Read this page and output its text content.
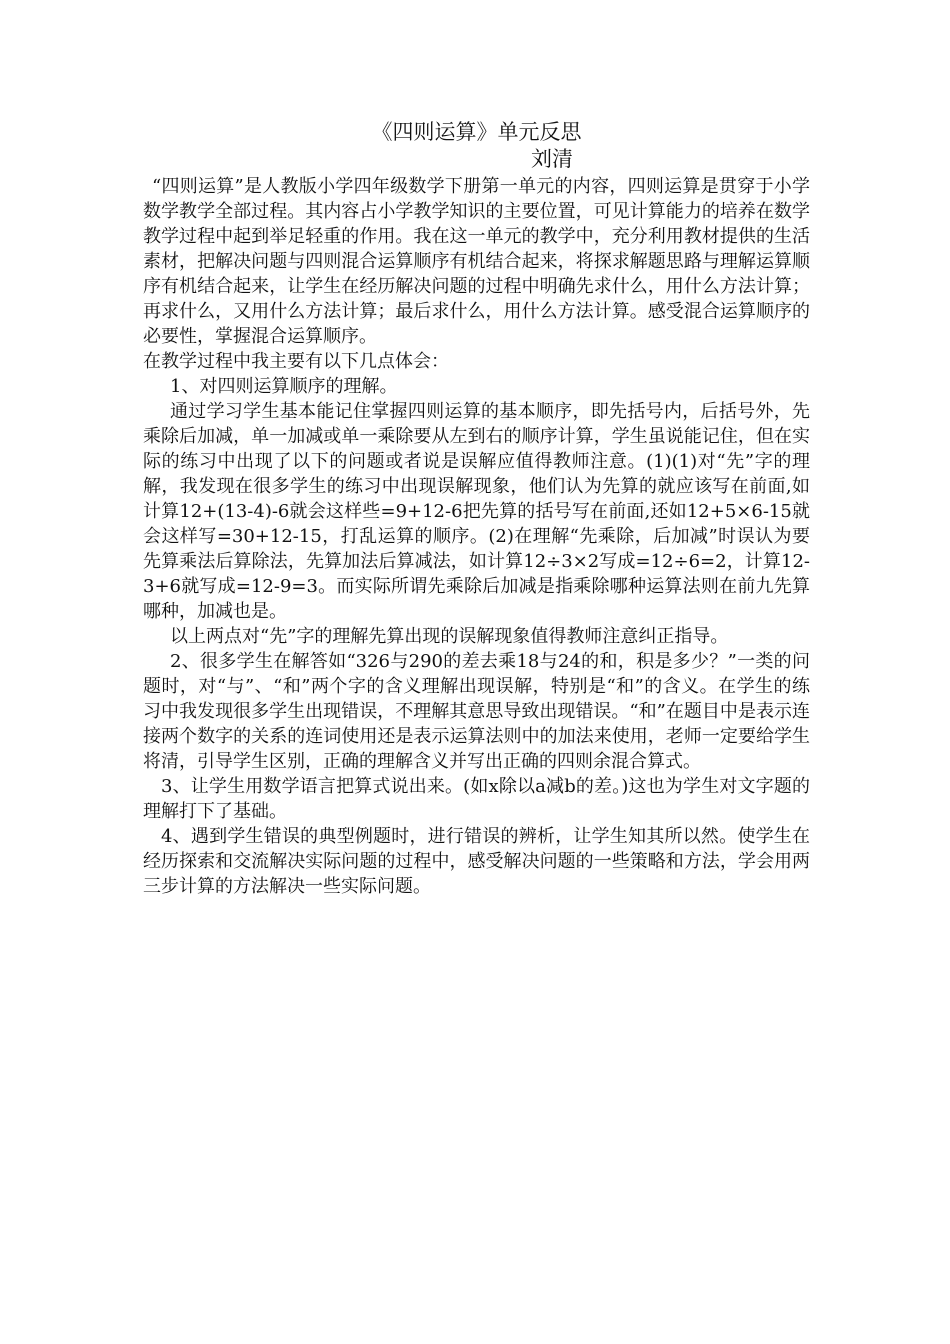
《四则运算》单元反思
刘清

“四则运算”是人教版小学四年级数学下册第一单元的内容，四则运算是贯穿于小学数学教学全部过程。其内容占小学教学知识的主要位置，可见计算能力的培养在数学教学过程中起到举足轻重的作用。我在这一单元的教学中，充分利用教材提供的生活素材，把解决问题与四则混合运算顺序有机结合起来，将探求解题思路与理解运算顺序有机结合起来，让学生在经历解决问题的过程中明确先求什么，用什么方法计算；再求什么，又用什么方法计算；最后求什么，用什么方法计算。感受混合运算顺序的必要性，掌握混合运算顺序。

在教学过程中我主要有以下几点体会：

1、对四则运算顺序的理解。

通过学习学生基本能记住掌握四则运算的基本顺序，即先括号内，后括号外，先乘除后加减，单一加减或单一乘除要从左到右的顺序计算，学生虽说能记住，但在实际的练习中出现了以下的问题或者说是误解应值得教师注意。(1)(1)对“先”字的理解，我发现在很多学生的练习中出现误解现象，他们认为先算的就应该写在前面,如计算12+(13-4)-6就会这样些=9+12-6把先算的括号写在前面,还如12+5×6-15就会这样写=30+12-15，打乱运算的顺序。(2)在理解“先乘除，后加减”时误认为要先算乘法后算除法，先算加法后算减法，如计算12÷3×2写成=12÷6=2，计算12-3+6就写成=12-9=3。而实际所谓先乘除后加减是指乘除哪种运算法则在前九先算哪种，加减也是。

以上两点对“先”字的理解先算出现的误解现象值得教师注意纠正指导。

2、很多学生在解答如“326与290的差去乘18与24的和，积是多少？”一类的问题时，对“与”、“和”两个字的含义理解出现误解，特别是“和”的含义。在学生的练习中我发现很多学生出现错误，不理解其意思导致出现错误。“和”在题目中是表示连接两个数字的关系的连词使用还是表示运算法则中的加法来使用，老师一定要给学生将清，引导学生区别，正确的理解含义并写出正确的四则余混合算式。

3、让学生用数学语言把算式说出来。(如x除以a减b的差。)这也为学生对文字题的理解打下了基础。

4、遇到学生错误的典型例题时，进行错误的辨析，让学生知其所以然。使学生在经历探索和交流解决实际问题的过程中，感受解决问题的一些策略和方法，学会用两三步计算的方法解决一些实际问题。
